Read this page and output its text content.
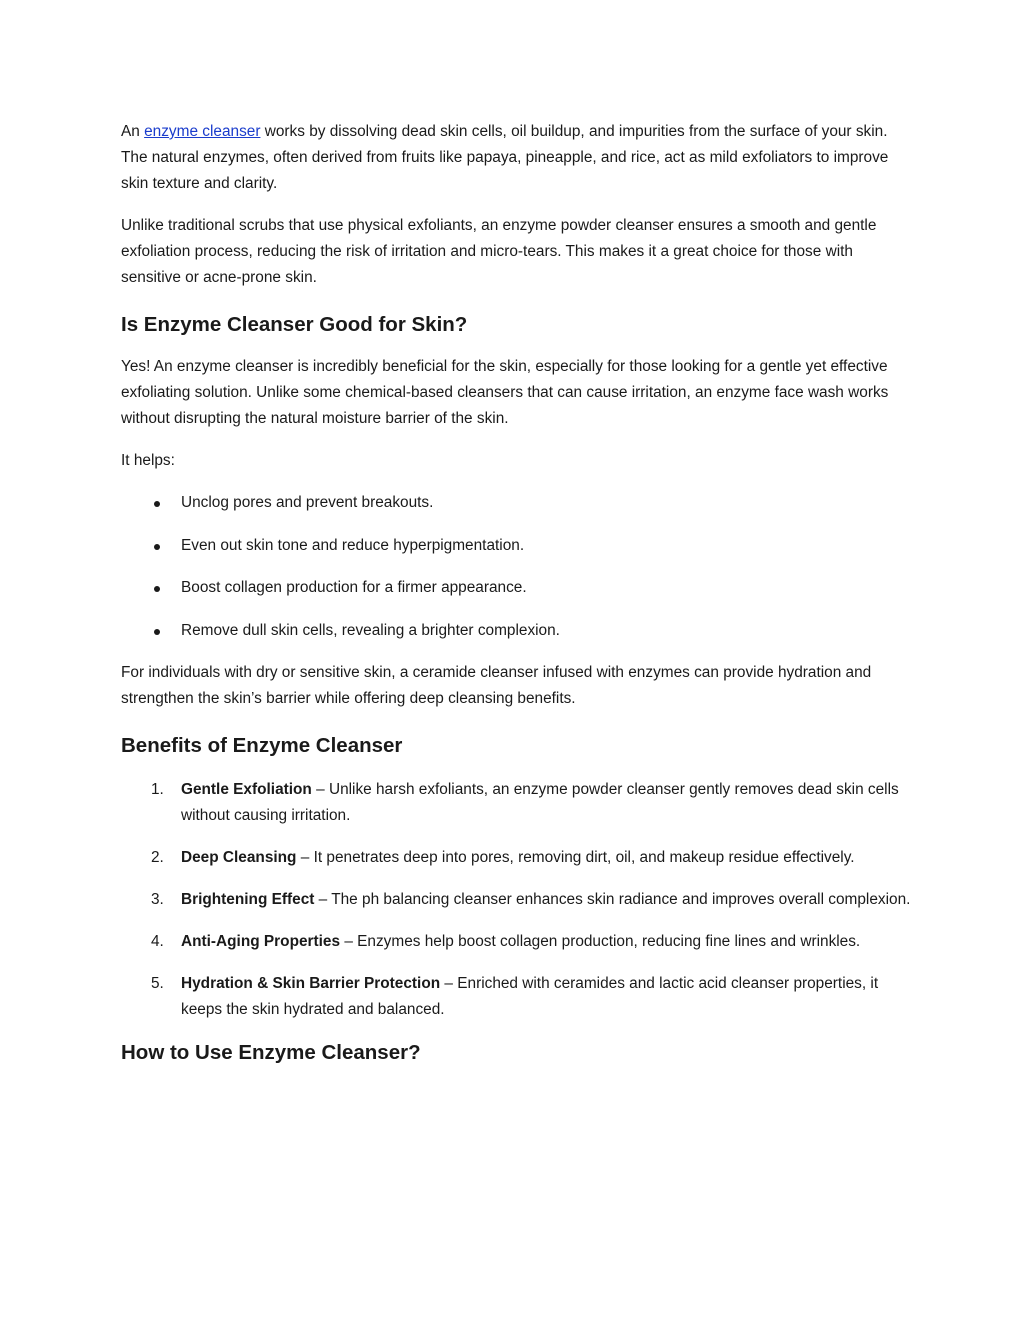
An enzyme cleanser works by dissolving dead skin cells, oil buildup, and impurities from the surface of your skin. The natural enzymes, often derived from fruits like papaya, pineapple, and rice, act as mild exfoliators to improve skin texture and clarity.

Unlike traditional scrubs that use physical exfoliants, an enzyme powder cleanser ensures a smooth and gentle exfoliation process, reducing the risk of irritation and micro-tears. This makes it a great choice for those with sensitive or acne-prone skin.

Is Enzyme Cleanser Good for Skin?

Yes! An enzyme cleanser is incredibly beneficial for the skin, especially for those looking for a gentle yet effective exfoliating solution. Unlike some chemical-based cleansers that can cause irritation, an enzyme face wash works without disrupting the natural moisture barrier of the skin.

It helps:

Unclog pores and prevent breakouts.
Even out skin tone and reduce hyperpigmentation.
Boost collagen production for a firmer appearance.
Remove dull skin cells, revealing a brighter complexion.

For individuals with dry or sensitive skin, a ceramide cleanser infused with enzymes can provide hydration and strengthen the skin’s barrier while offering deep cleansing benefits.

Benefits of Enzyme Cleanser
1. Gentle Exfoliation – Unlike harsh exfoliants, an enzyme powder cleanser gently removes dead skin cells without causing irritation.
2. Deep Cleansing – It penetrates deep into pores, removing dirt, oil, and makeup residue effectively.
3. Brightening Effect – The ph balancing cleanser enhances skin radiance and improves overall complexion.
4. Anti-Aging Properties – Enzymes help boost collagen production, reducing fine lines and wrinkles.
5. Hydration & Skin Barrier Protection – Enriched with ceramides and lactic acid cleanser properties, it keeps the skin hydrated and balanced.
How to Use Enzyme Cleanser?
